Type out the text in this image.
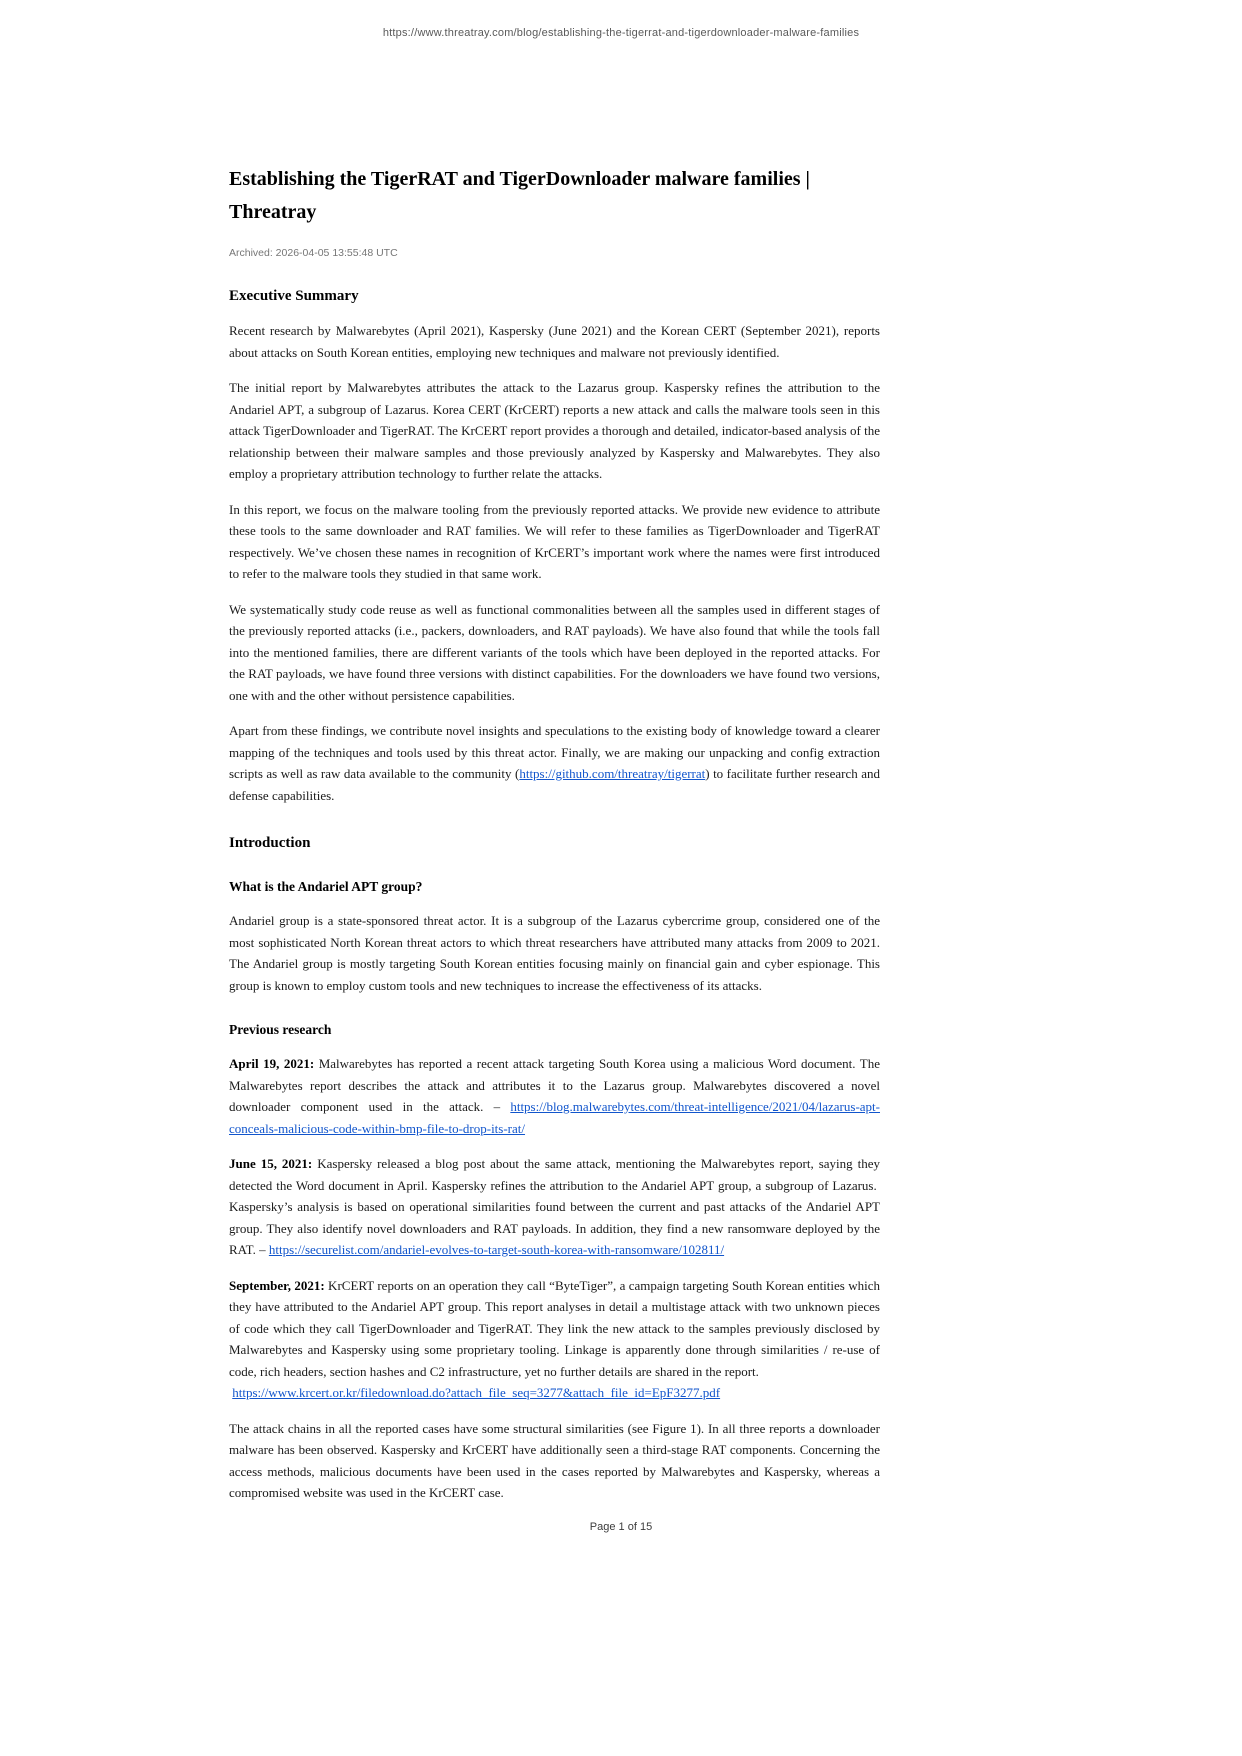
https://www.threatray.com/blog/establishing-the-tigerrat-and-tigerdownloader-malware-families
Establishing the TigerRAT and TigerDownloader malware families | Threatray
Archived: 2026-04-05 13:55:48 UTC
Executive Summary

Recent research by Malwarebytes (April 2021), Kaspersky (June 2021) and the Korean CERT (September 2021), reports about attacks on South Korean entities, employing new techniques and malware not previously identified.

The initial report by Malwarebytes attributes the attack to the Lazarus group. Kaspersky refines the attribution to the Andariel APT, a subgroup of Lazarus. Korea CERT (KrCERT) reports a new attack and calls the malware tools seen in this attack TigerDownloader and TigerRAT. The KrCERT report provides a thorough and detailed, indicator-based analysis of the relationship between their malware samples and those previously analyzed by Kaspersky and Malwarebytes. They also employ a proprietary attribution technology to further relate the attacks.

In this report, we focus on the malware tooling from the previously reported attacks. We provide new evidence to attribute these tools to the same downloader and RAT families. We will refer to these families as TigerDownloader and TigerRAT respectively. We’ve chosen these names in recognition of KrCERT’s important work where the names were first introduced to refer to the malware tools they studied in that same work.

We systematically study code reuse as well as functional commonalities between all the samples used in different stages of the previously reported attacks (i.e., packers, downloaders, and RAT payloads). We have also found that while the tools fall into the mentioned families, there are different variants of the tools which have been deployed in the reported attacks. For the RAT payloads, we have found three versions with distinct capabilities. For the downloaders we have found two versions, one with and the other without persistence capabilities.

Apart from these findings, we contribute novel insights and speculations to the existing body of knowledge toward a clearer mapping of the techniques and tools used by this threat actor. Finally, we are making our unpacking and config extraction scripts as well as raw data available to the community (https://github.com/threatray/tigerrat) to facilitate further research and defense capabilities.

Introduction
What is the Andariel APT group?

Andariel group is a state-sponsored threat actor. It is a subgroup of the Lazarus cybercrime group, considered one of the most sophisticated North Korean threat actors to which threat researchers have attributed many attacks from 2009 to 2021. The Andariel group is mostly targeting South Korean entities focusing mainly on financial gain and cyber espionage. This group is known to employ custom tools and new techniques to increase the effectiveness of its attacks.

Previous research

April 19, 2021: Malwarebytes has reported a recent attack targeting South Korea using a malicious Word document. The Malwarebytes report describes the attack and attributes it to the Lazarus group. Malwarebytes discovered a novel downloader component used in the attack. – https://blog.malwarebytes.com/threat-intelligence/2021/04/lazarus-apt-conceals-malicious-code-within-bmp-file-to-drop-its-rat/

June 15, 2021: Kaspersky released a blog post about the same attack, mentioning the Malwarebytes report, saying they detected the Word document in April. Kaspersky refines the attribution to the Andariel APT group, a subgroup of Lazarus.  Kaspersky’s analysis is based on operational similarities found between the current and past attacks of the Andariel APT group. They also identify novel downloaders and RAT payloads. In addition, they find a new ransomware deployed by the RAT. – https://securelist.com/andariel-evolves-to-target-south-korea-with-ransomware/102811/

September, 2021: KrCERT reports on an operation they call “ByteTiger”, a campaign targeting South Korean entities which they have attributed to the Andariel APT group. This report analyses in detail a multistage attack with two unknown pieces of code which they call TigerDownloader and TigerRAT. They link the new attack to the samples previously disclosed by Malwarebytes and Kaspersky using some proprietary tooling. Linkage is apparently done through similarities / re-use of code, rich headers, section hashes and C2 infrastructure, yet no further details are shared in the report.
https://www.krcert.or.kr/filedownload.do?attach_file_seq=3277&attach_file_id=EpF3277.pdf

The attack chains in all the reported cases have some structural similarities (see Figure 1). In all three reports a downloader malware has been observed. Kaspersky and KrCERT have additionally seen a third-stage RAT components. Concerning the access methods, malicious documents have been used in the cases reported by Malwarebytes and Kaspersky, whereas a compromised website was used in the KrCERT case.

Page 1 of 15
